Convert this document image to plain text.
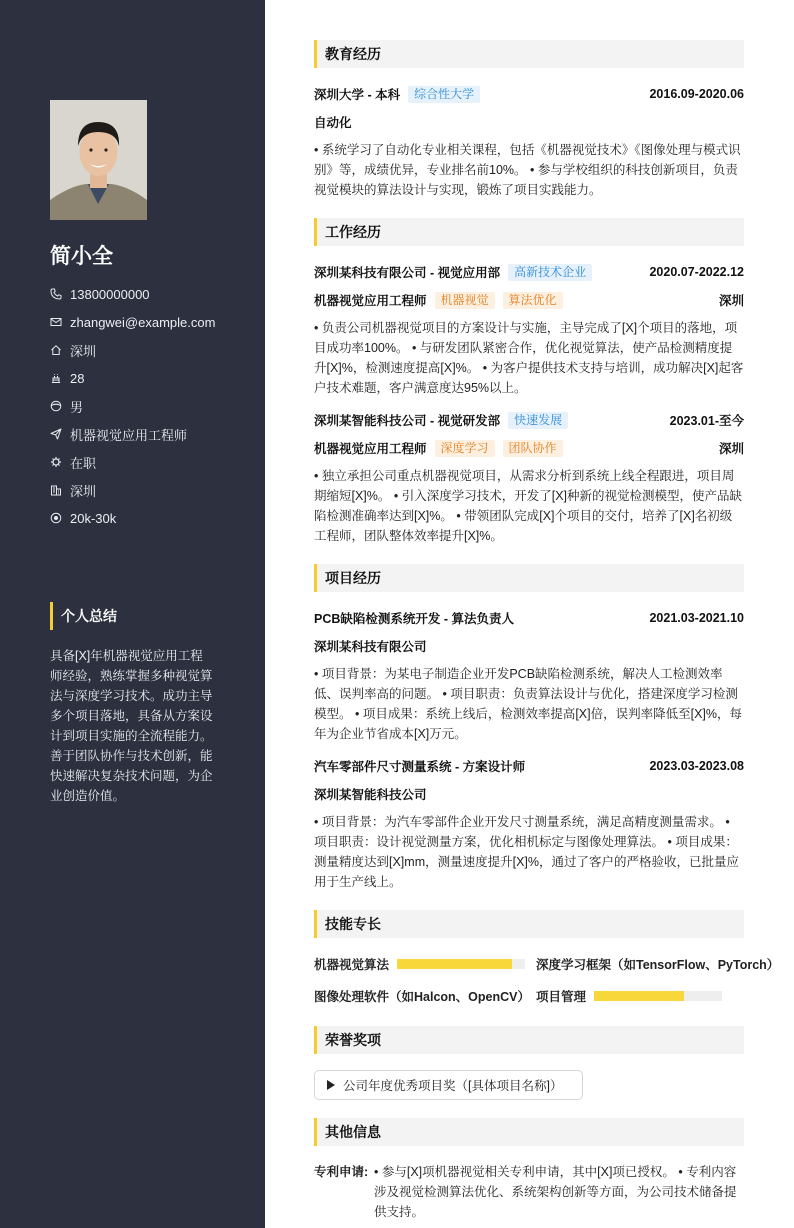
简小全
13800000000
zhangwei@example.com
深圳
28
男
机器视觉应用工程师
在职
深圳
20k-30k
个人总结
具备[X]年机器视觉应用工程师经验，熟练掌握多种视觉算法与深度学习技术。成功主导多个项目落地，具备从方案设计到项目实施的全流程能力。善于团队协作与技术创新，能快速解决复杂技术问题，为企业创造价值。
教育经历
深圳大学 - 本科	综合性大学	2016.09-2020.06
自动化
• 系统学习了自动化专业相关课程，包括《机器视觉技术》《图像处理与模式识别》等，成绩优异，专业排名前10%。 • 参与学校组织的科技创新项目，负责视觉模块的算法设计与实现，锻炼了项目实践能力。
工作经历
深圳某科技有限公司 - 视觉应用部	高新技术企业	2020.07-2022.12
机器视觉应用工程师	机器视觉	算法优化	深圳
• 负责公司机器视觉项目的方案设计与实施，主导完成了[X]个项目的落地，项目成功率100%。 • 与研发团队紧密合作，优化视觉算法，使产品检测精度提升[X]%，检测速度提高[X]%。 • 为客户提供技术支持与培训，成功解决[X]起客户技术难题，客户满意度达95%以上。
深圳某智能科技公司 - 视觉研发部	快速发展	2023.01-至今
机器视觉应用工程师	深度学习	团队协作	深圳
• 独立承担公司重点机器视觉项目，从需求分析到系统上线全程跟进，项目周期缩短[X]%。 • 引入深度学习技术，开发了[X]种新的视觉检测模型，使产品缺陷检测准确率达到[X]%。 • 带领团队完成[X]个项目的交付，培养了[X]名初级工程师，团队整体效率提升[X]%。
项目经历
PCB缺陷检测系统开发 - 算法负责人	2021.03-2021.10
深圳某科技有限公司
• 项目背景：为某电子制造企业开发PCB缺陷检测系统，解决人工检测效率低、误判率高的问题。 • 项目职责：负责算法设计与优化，搭建深度学习检测模型。 • 项目成果：系统上线后，检测效率提高[X]倍，误判率降低至[X]%，每年为企业节省成本[X]万元。
汽车零部件尺寸测量系统 - 方案设计师	2023.03-2023.08
深圳某智能科技公司
• 项目背景：为汽车零部件企业开发尺寸测量系统，满足高精度测量需求。 • 项目职责：设计视觉测量方案，优化相机标定与图像处理算法。 • 项目成果：测量精度达到[X]mm，测量速度提升[X]%，通过了客户的严格验收，已批量应用于生产线上。
技能专长
机器视觉算法	深度学习框架（如TensorFlow、PyTorch）
图像处理软件（如Halcon、OpenCV） 项目管理
荣誉奖项
公司年度优秀项目奖（[具体项目名称]）
其他信息
专利申请: • 参与[X]项机器视觉相关专利申请，其中[X]项已授权。 • 专利内容涉及视觉检测算法优化、系统架构创新等方面，为公司技术储备提供支持。
